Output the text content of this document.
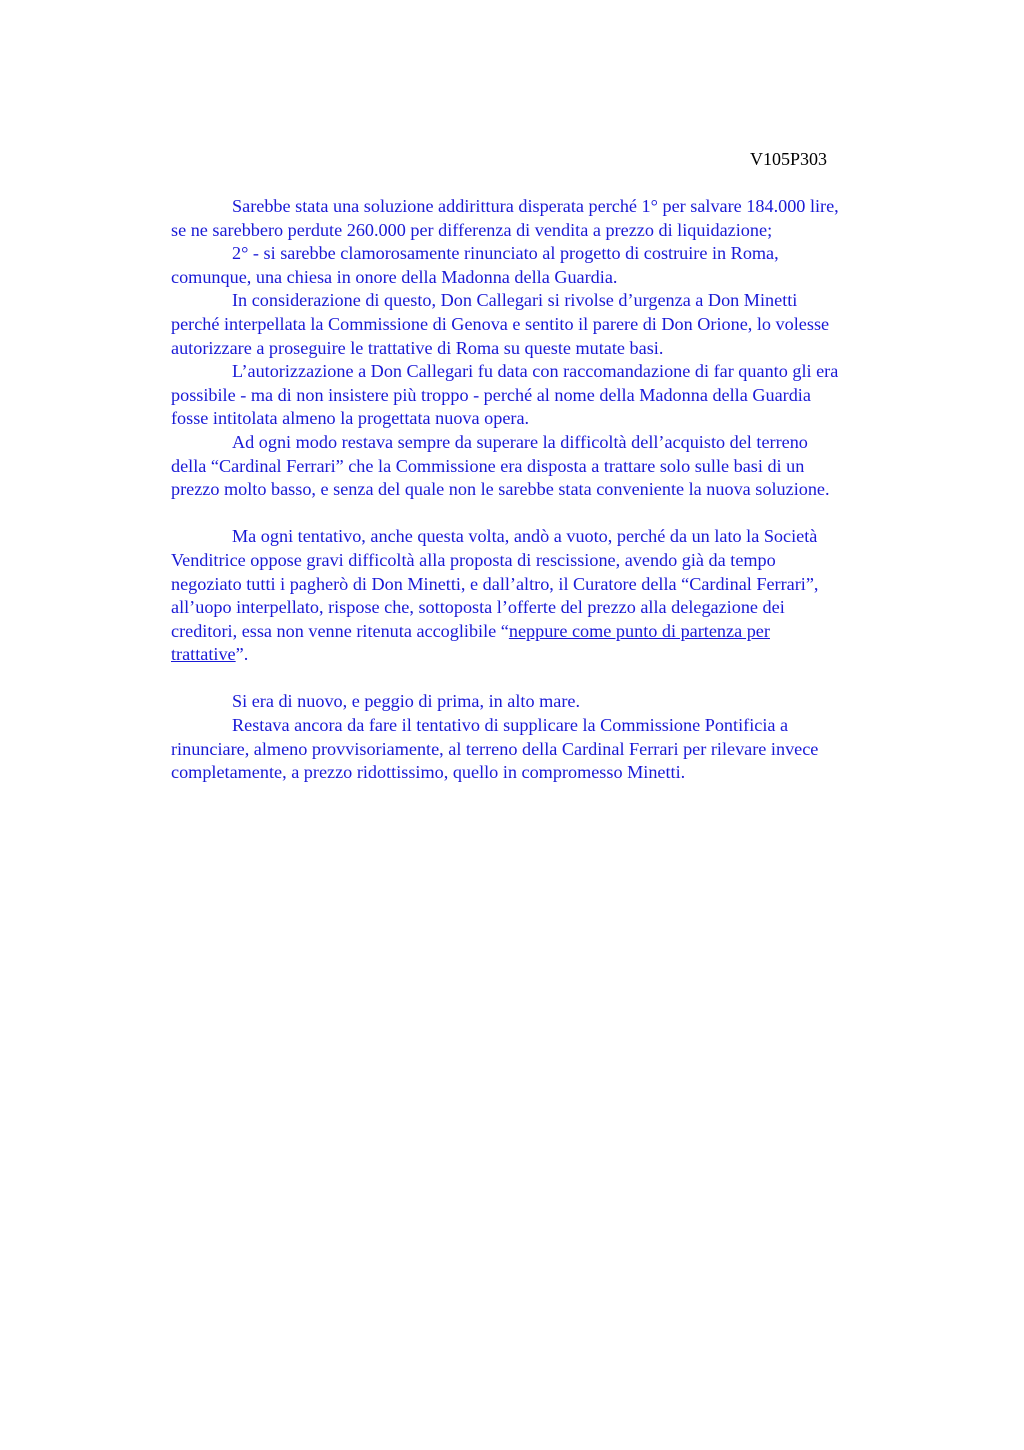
V105P303
Sarebbe stata una soluzione addirittura disperata perché 1° per salvare 184.000 lire,
se ne sarebbero perdute 260.000 per differenza di vendita a prezzo di liquidazione;
2° - si sarebbe clamorosamente rinunciato al progetto di costruire in Roma,
comunque, una chiesa in onore della Madonna della Guardia.
In considerazione di questo, Don Callegari si rivolse d’urgenza a Don Minetti
perché interpellata la Commissione di Genova e sentito il parere di Don Orione, lo volesse
autorizzare a proseguire le trattative di Roma su queste mutate basi.
L’autorizzazione a Don Callegari fu data con raccomandazione di far quanto gli era
possibile - ma di non insistere più troppo - perché al nome della Madonna della Guardia
fosse intitolata almeno la progettata nuova opera.
Ad ogni modo restava sempre da superare la difficoltà dell’acquisto del terreno
della “Cardinal Ferrari” che la Commissione era disposta a trattare solo sulle basi di un
prezzo molto basso, e senza del quale non le sarebbe stata conveniente la nuova soluzione.
Ma ogni tentativo, anche questa volta, andò a vuoto, perché da un lato la Società
Venditrice oppose gravi difficoltà alla proposta di rescissione, avendo già da tempo
negoziato tutti i pagherò di Don Minetti, e dall’altro, il Curatore della “Cardinal Ferrari”,
all’uopo interpellato, rispose che, sottoposta l’offerte del prezzo alla delegazione dei
creditori, essa non venne ritenuta accoglibile “neppure come punto di partenza per
trattative”.
Si era di nuovo, e peggio di prima, in alto mare.
Restava ancora da fare il tentativo di supplicare la Commissione Pontificia a
rinunciare, almeno provvisoriamente, al terreno della Cardinal Ferrari per rilevare invece
completamente, a prezzo ridottissimo, quello in compromesso Minetti.
